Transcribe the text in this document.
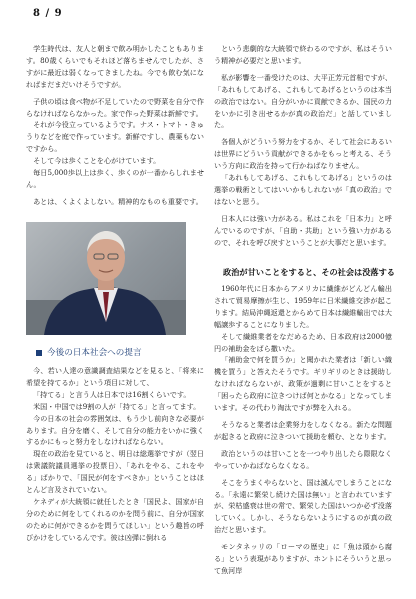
8 / 9

学生時代は、友人と朝まで飲み明かしたこともあります。80歳くらいでもそれほど落ちませんでしたが、さすがに最近は弱くなってきましたね。今でも飲む気になればまだまだいけそうですが。

子供の頃は食べ物が不足していたので野菜を自分で作らなければならなかった。家で作った野菜は新鮮です。

それが今役立っているようです。ナス・トマト・きゅうりなどを庭で作っています。新鮮ですし、農薬もないですから。

そして今は歩くことを心がけています。

毎日5,000歩以上は歩く、歩くのが一番からしれません。

あとは、くよくよしない。精神的なものも重要です。

今後の日本社会への提言

今、若い人達の意識調査結果などを見ると、「将来に希望を持てるか」という項目に対して、

「持てる」と言う人は日本では16割くらいです。

米国・中国では9割の人が「持てる」と言ってます。

今の日本の社会の雰囲気は、もう少し前向きな必要があります。自分を磨く、そして自分の能力をいかに強くするかにもっと努力をしなければならない。

現在の政治を見ていると、明日は総選挙ですが（翌日は衆議院議員選挙の投票日）、「あれをやる、これをやる」ばかりで、「国民が何をすべきか」ということはほとんど言及されていない。

ケネディが大統領に就任したとき「国民よ、国家が自分のために何をしてくれるのかを問う前に、自分が国家のために何ができるかを問うてほしい」という趣旨の呼びかけをしているんです。彼は凶弾に倒れる

という悲劇的な大統領で終わるのですが、私はそういう精神が必要だと思います。

私が影響を一番受けたのは、大平正芳元首相ですが、「あれもしてあげる、これもしてあげるというのは本当の政治ではない。自分がいかに貢献できるか、国民の力をいかに引き出せるかが真の政治だ」と話していました。

各個人がどういう努力をするか、そして社会にあるいは世界にどういう貢献ができるかをもっと考える、そういう方向に政治を持って行かねばなりません。

「あれもしてあげる、これもしてあげる」というのは選挙の戦術としてはいいかもしれないが「真の政治」ではないと思う。

日本人には強い力がある。私はこれを「日本力」と呼んでいるのですが、「自助・共助」という強い力があるので、それを呼び戻すということが大事だと思います。

政治が甘いことをすると、その社会は没落する

1960年代に日本からアメリカに繊維がどんどん輸出されて貿易摩擦が生じ、1959年に日米繊維交渉が起こります。結局沖縄返還とからめて日本は繊維輸出では大幅譲歩することになりました。

そして繊維業者をなだめるため、日本政府は2000億円の補助金をばら撒いた。

「補助金で何を買うか」と聞かれた業者は「新しい織機を買う」と答えたそうです。ギリギリのときは援助しなければならないが、政策が過剰に甘いことをすると「困ったら政府に泣きつけば何とかなる」となってしまいます。その代わり淘汰ですが弊を入れる。

そうなると業者は企業努力をしなくなる。新たな問題が起きると政府に泣きついて援助を頼む、となります。

政治というのは甘いことを一つやり出したら際限なくやっていかねばならなくなる。

そこをうまくやらないと、国は滅んでしまうことになる。「永遠に繁栄し続けた国は無い」と言われていますが、栄枯盛衰は世の常で、繁栄した国はいつか必ず没落していく。しかし、そうならないようにするのが真の政治だと思います。

モンタネッリの「ローマの歴史」に「魚は頭から腐る」という表現がありますが、ホントにそういうと思って魚河岸
